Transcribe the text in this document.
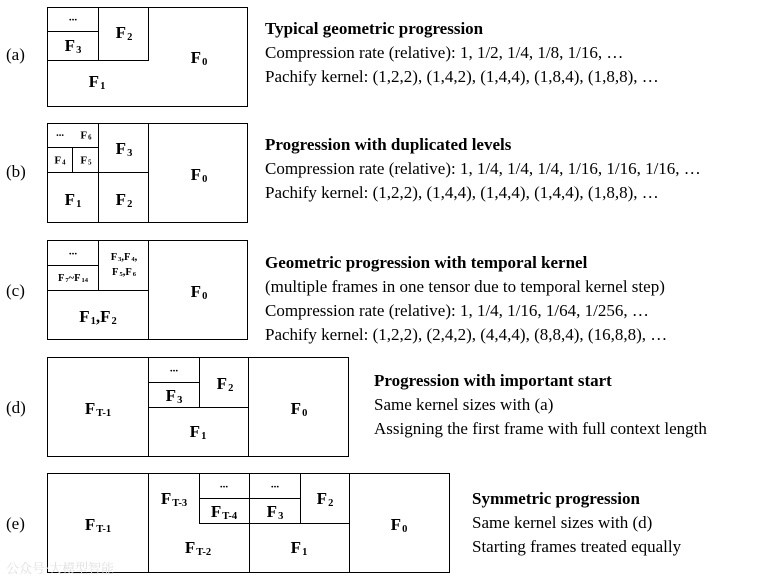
(a)
...
$F_3$
$F_2$
$F_1$
$F_0$
Typical geometric progression
Compression rate (relative): 1, 1/2, 1/4, 1/8, 1/16, …
Pachify kernel: (1,2,2), (1,4,2), (1,4,4), (1,8,4), (1,8,8), …
(b)
... $F_6$
$F_4$ $F_5$
$F_3$
$F_1$ $F_2$
$F_0$
Progression with duplicated levels
Compression rate (relative): 1, 1/4, 1/4, 1/4, 1/16, 1/16, 1/16, …
Pachify kernel: (1,2,2), (1,4,4), (1,4,4), (1,4,4), (1,8,8), …
(c)
...
$F_7\sim F_{14}$
$F_3,F_4$,
$F_5,F_6$
$F_1,F_2$
$F_0$
Geometric progression with temporal kernel
(multiple frames in one tensor due to temporal kernel step)
Compression rate (relative): 1, 1/4, 1/16, 1/64, 1/256, …
Pachify kernel: (1,2,2), (2,4,2), (4,4,4), (8,8,4), (16,8,8), …
(d)	$F_{T-1}$
...
$F_3$
$F_2$
$F_1$
$F_0$
Progression with important start
Same kernel sizes with (a)
Assigning the first frame with full context length
(e)	$F_{T-1}$
$F_{T-3}$
...
$F_{T-4}$
...
$F_3$
$F_2$
$F_{T-2}$	$F_1$
$F_0$
Symmetric progression
Same kernel sizes with (d)
Starting frames treated equally
公众号·大模型智能
